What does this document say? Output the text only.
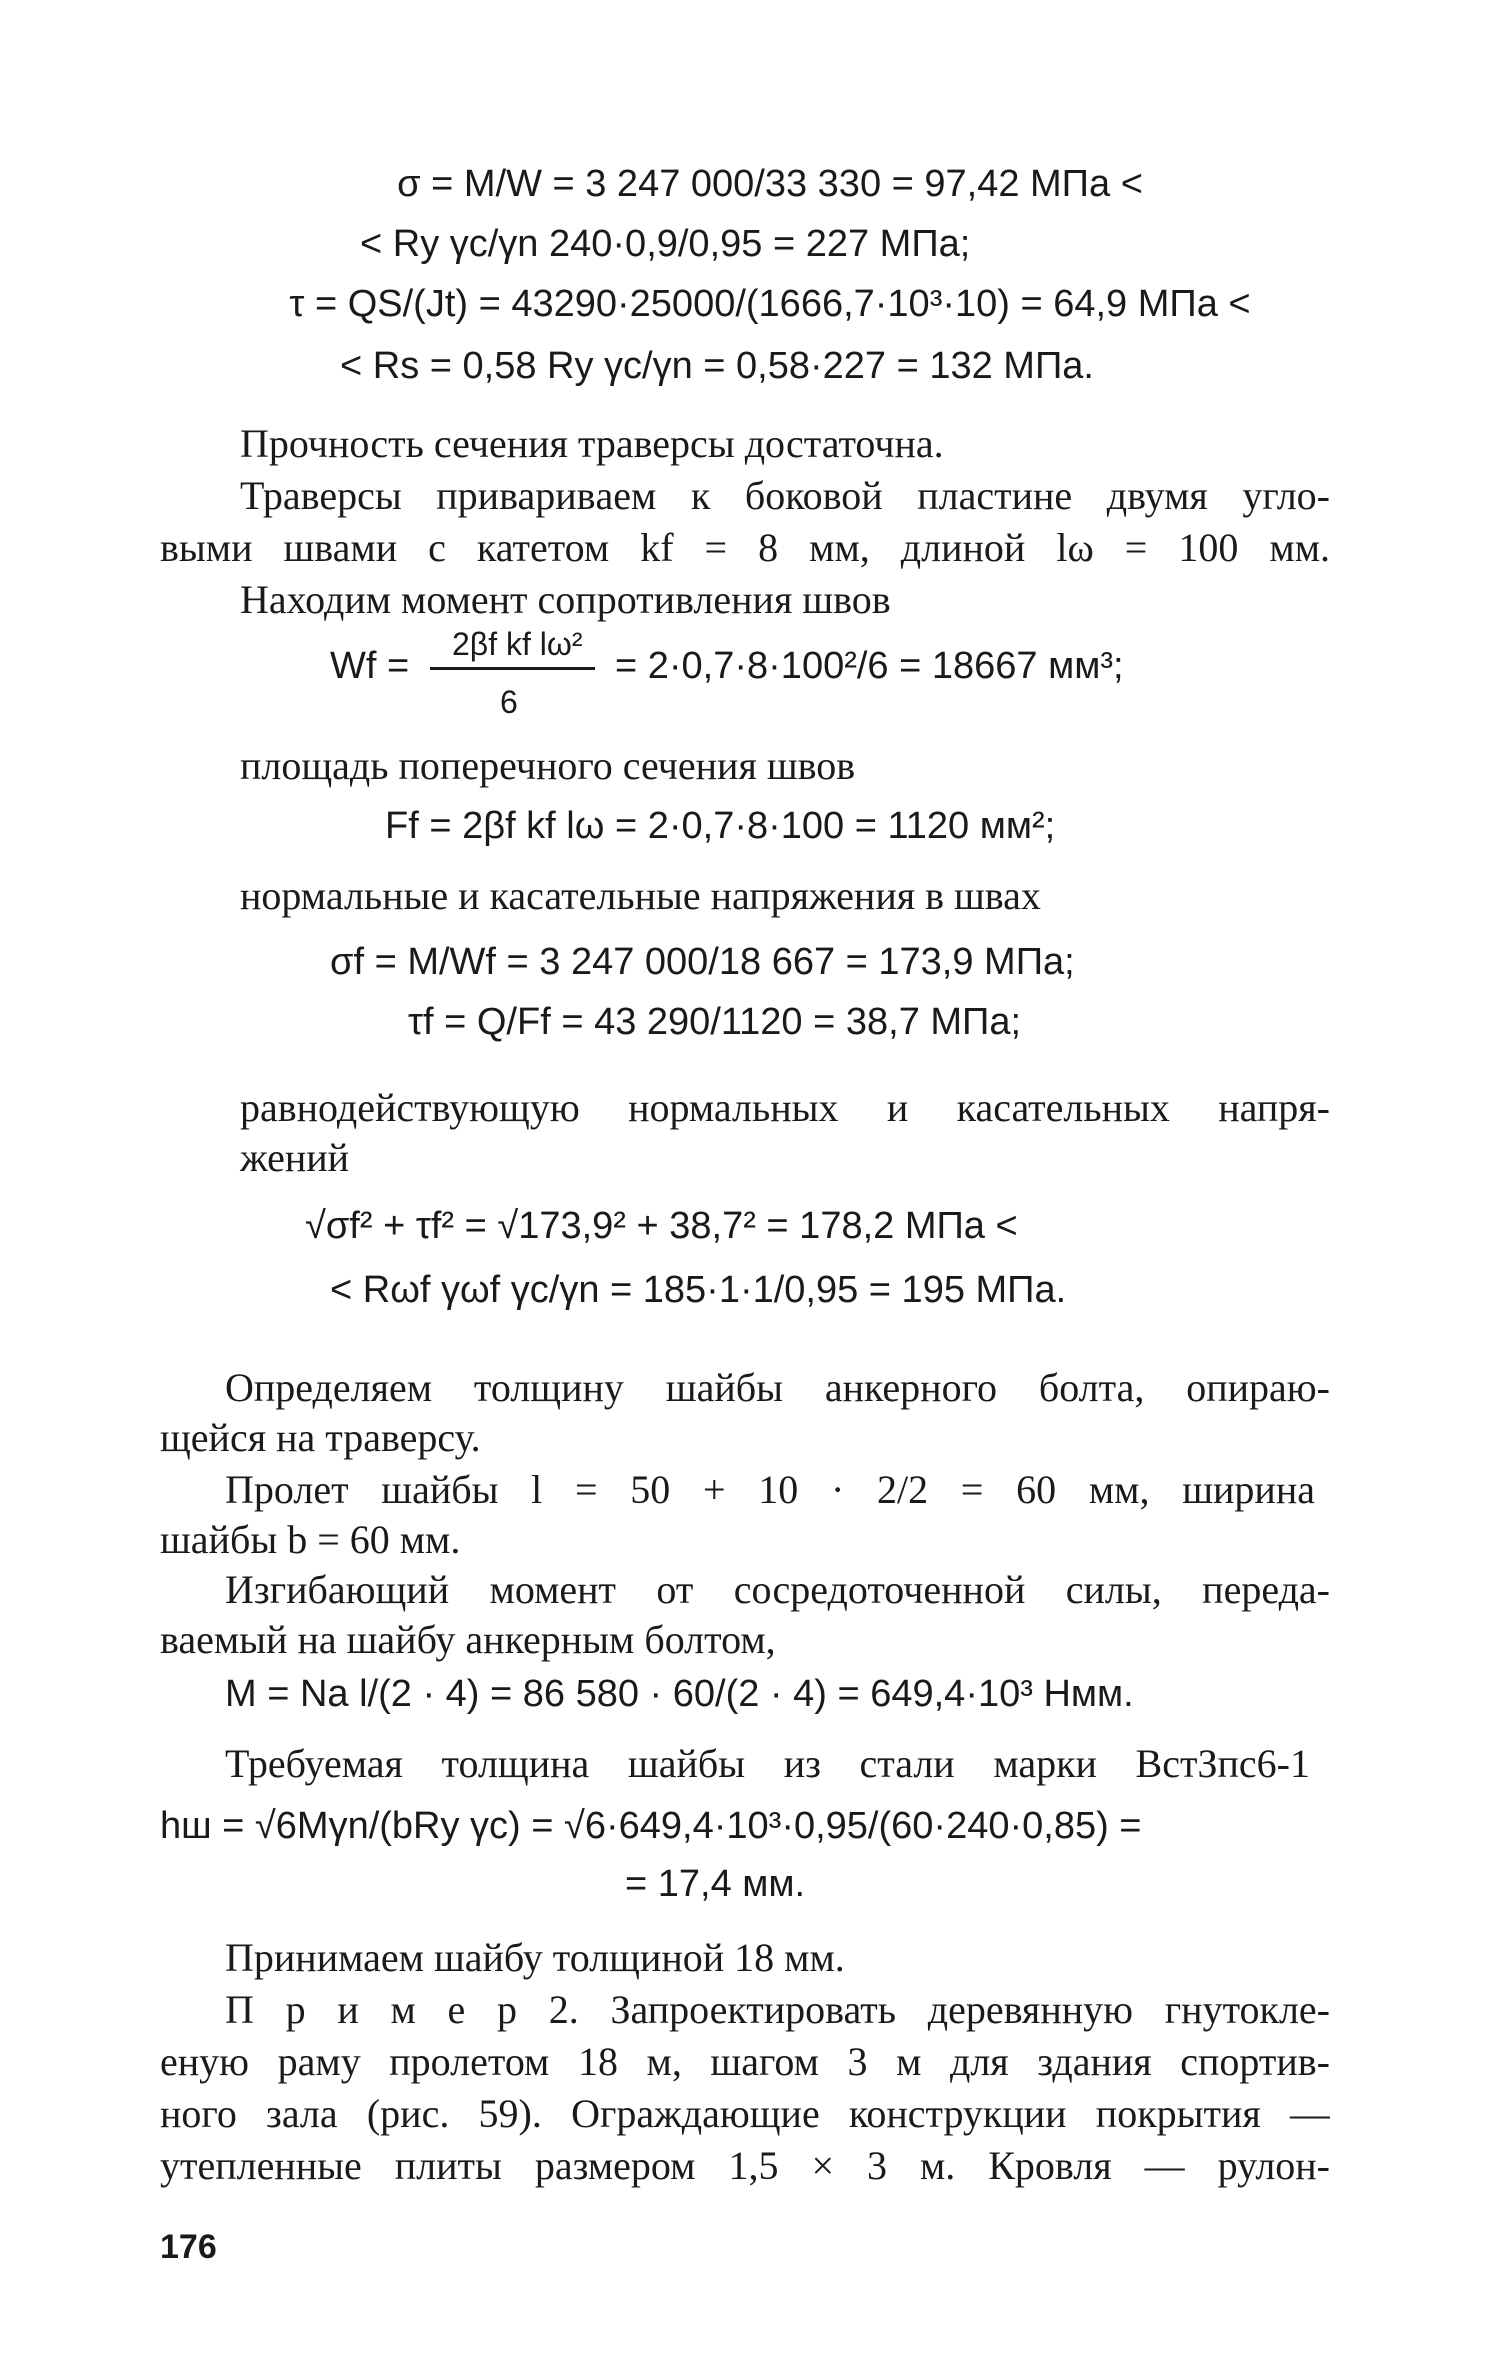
σ = M/W = 3 247 000/33 330 = 97,42 МПа <
< Rу γc/γn 240·0,9/0,95 = 227 МПа;
τ = QS/(Jt) = 43290·25000/(1666,7·10³·10) = 64,9 МПа <
< Rs = 0,58 Ry γc/γn = 0,58·227 = 132 МПа.
Прочность сечения траверсы достаточна.
Траверсы приваривaем к боковой пластине двумя угло-
выми швами с катетом kf = 8 мм, длиной lω = 100 мм.
Находим момент сопротивления швов
2βf kf lω²
Wf =	= 2·0,7·8·100²/6 = 18667 мм³;
6
площадь поперечного сечения швов
Ff = 2βf kf lω = 2·0,7·8·100 = 1120 мм²;
нормальные и касательные напряжения в швах
σf = M/Wf = 3 247 000/18 667 = 173,9 МПа;
τf = Q/Ff = 43 290/1120 = 38,7 МПа;
равнодействующую нормальных и касательных напря-
жений
√σf² + τf² = √173,9² + 38,7² = 178,2 МПа <
< Rωf γωf γc/γn = 185·1·1/0,95 = 195 МПа.
Определяем толщину шайбы анкерного болта, опираю-
щейся на траверсу.
Пролет шайбы l = 50 + 10 · 2/2 = 60 мм, ширина
шайбы b = 60 мм.
Изгибающий момент от сосредоточенной силы, переда-
ваемый на шайбу анкерным болтом,
M = Na l/(2 · 4) = 86 580 · 60/(2 · 4) = 649,4·10³ Нмм.
Требуемая толщина шайбы из стали марки ВстЗпс6-1
hш = √6Mγn/(bRy γc) = √6·649,4·10³·0,95/(60·240·0,85) =
= 17,4 мм.
Принимаем шайбу толщиной 18 мм.
П р и м е р 2. Запроектировать деревянную гнутокле-
еную раму пролетом 18 м, шагом 3 м для здания спортив-
ного зала (рис. 59). Ограждающие конструкции покрытия —
утепленные плиты размером 1,5 × 3 м. Кровля — рулон-
176
